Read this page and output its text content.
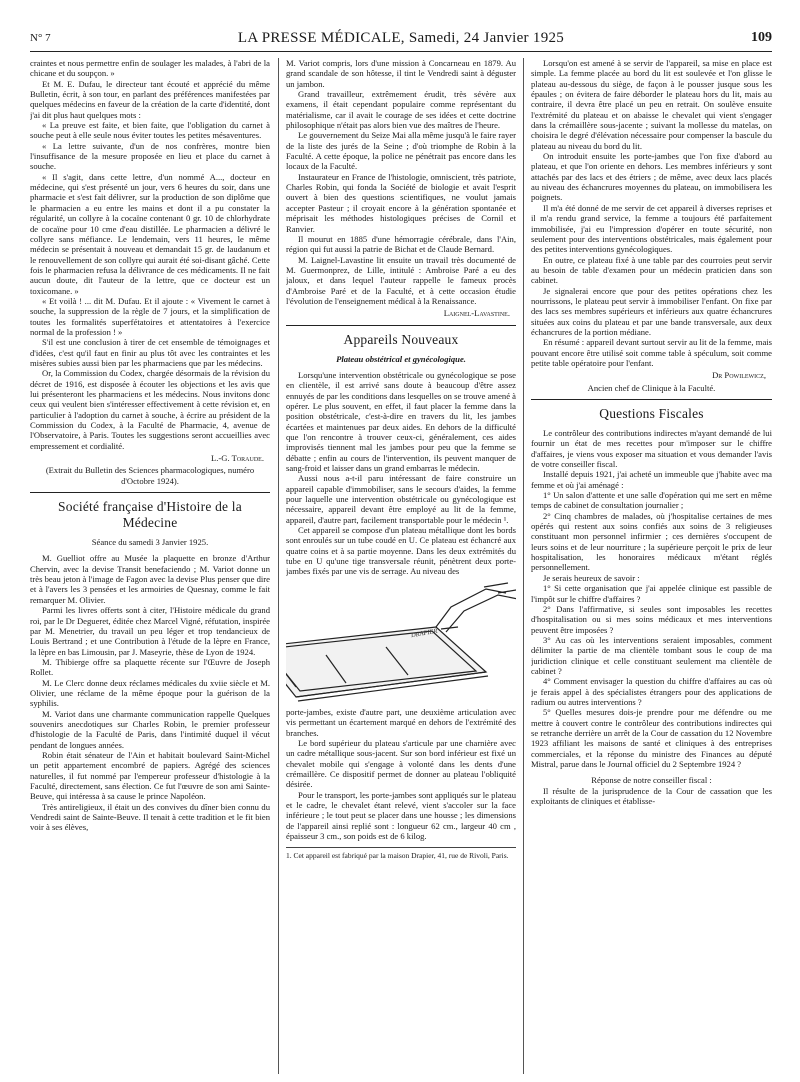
N° 7	LA PRESSE MÉDICALE, Samedi, 24 Janvier 1925	109

craintes et nous permettre enfin de soulager les malades, à l'abri de la chicane et du soupçon. »

Et M. E. Dufau, le directeur tant écouté et apprécié du même Bulletin, écrit, à son tour, en parlant des préférences manifestées par quelques médecins en faveur de la création de la carte d'identité, dont j'ai dit plus haut quelques mots :

« La preuve est faite, et bien faite, que l'obligation du carnet à souche peut à elle seule nous éviter toutes les petites mésaventures.

« La lettre suivante, d'un de nos confrères, montre bien l'insuffisance de la mesure proposée en lieu et place du carnet à souche.

« Il s'agit, dans cette lettre, d'un nommé A..., docteur en médecine, qui s'est présenté un jour, vers 6 heures du soir, dans une pharmacie et s'est fait délivrer, sur la production de son diplôme que le pharmacien a eu entre les mains et dont il a pu constater la régularité, un collyre à la cocaïne contenant 0 gr. 10 de chlorhydrate de cocaïne pour 10 cme d'eau distillée. Le pharmacien a délivré le collyre sans méfiance. Le lendemain, vers 11 heures, le même médecin se présentait à nouveau et demandait 15 gr. de laudanum et le renouvellement de son collyre qui aurait été soi-disant gâché. Cette fois le pharmacien refusa la délivrance de ces médicaments. Il ne fait aucun doute, dit l'auteur de la lettre, que ce docteur est un toxicomane. »

« Et voilà ! ... dit M. Dufau. Et il ajoute : « Vivement le carnet à souche, la suppression de la règle de 7 jours, et la simplification de toutes les formalités superfétatoires et attentatoires à l'exercice normal de la profession ! »

S'il est une conclusion à tirer de cet ensemble de témoignages et d'idées, c'est qu'il faut en finir au plus tôt avec les contraintes et les misères subies aussi bien par les pharmaciens que par les médecins.

Or, la Commission du Codex, chargée désormais de la révision du décret de 1916, est disposée à écouter les objections et les avis que lui présenteront les pharmaciens et les médecins. Nous invitons donc ceux qui veulent bien s'intéresser effectivement à cette révision et, en particulier à l'adoption du carnet à souche, à écrire au président de la Commission du Codex, à la Faculté de Pharmacie, 4, avenue de l'Observatoire, à Paris. Toutes les suggestions seront accueillies avec empressement et cordialité.

L.-G. Toraude.

(Extrait du Bulletin des Sciences pharmacologiques, numéro d'Octobre 1924).

Société française d'Histoire de la Médecine

Séance du samedi 3 Janvier 1925.

M. Guelliot offre au Musée la plaquette en bronze d'Arthur Chervin, avec la devise Transit benefaciendo ; M. Variot donne un très beau jeton à l'image de Fagon avec la devise Plus penser que dire et à l'avers les 3 pensées et les armoiries de Quesnay, comme le fait remarquer M. Olivier.

Parmi les livres offerts sont à citer, l'Histoire médicale du grand roi, par le Dr Degueret, éditée chez Marcel Vigné, réfutation, inspirée par M. Menetrier, du travail un peu léger et trop tendancieux de Louis Bertrand ; et une Contribution à l'étude de la lèpre en France, la lèpre en bas Limousin, par J. Maseyrie, thèse de Lyon de 1924.

M. Thibierge offre sa plaquette récente sur l'Œuvre de Joseph Rollet.

M. Le Clerc donne deux réclames médicales du xviie siècle et M. Olivier, une réclame de la même époque pour la guérison de la syphilis.

M. Variot dans une charmante communication rappelle Quelques souvenirs anecdotiques sur Charles Robin, le premier professeur d'histologie de la Faculté de Paris, dans l'intimité duquel il vécut pendant de longues années.

Robin était sénateur de l'Ain et habitait boulevard Saint-Michel un petit appartement encombré de papiers. Agrégé des sciences naturelles, il fut nommé par l'empereur professeur d'histologie à la Faculté, directement, sans élection. Ce fut l'œuvre de son ami Sainte-Beuve, qui intéressa à sa cause le prince Napoléon.

Très antireligieux, il était un des convives du dîner bien connu du Vendredi saint de Sainte-Beuve. Il tenait à cette tradition et le fit bien voir à ses élèves,

M. Variot compris, lors d'une mission à Concarneau en 1879. Au grand scandale de son hôtesse, il tint le Vendredi saint à déguster un jambon.

Grand travailleur, extrêmement érudit, très sévère aux examens, il était cependant populaire comme représentant du matérialisme, car il avait le courage de ses idées et cette doctrine philosophique n'était pas alors bien vue des maîtres de l'heure.

Le gouvernement du Seize Mai alla même jusqu'à le faire rayer de la liste des jurés de la Seine ; d'où triomphe de Robin à la Faculté. A cette époque, la police ne pénétrait pas encore dans les locaux de la Faculté.

Instaurateur en France de l'histologie, omniscient, très patriote, Charles Robin, qui fonda la Société de biologie et avait l'esprit ouvert à bien des questions scientifiques, ne voulut jamais accepter Pasteur ; il croyait encore à la génération spontanée et méprisait les méthodes histologiques précises de Cornil et Ranvier.

Il mourut en 1885 d'une hémorragie cérébrale, dans l'Ain, région qui fut aussi la patrie de Bichat et de Claude Bernard.

M. Laignel-Lavastine lit ensuite un travail très documenté de M. Guermonprez, de Lille, intitulé : Ambroise Paré a eu des jaloux, et dans lequel l'auteur rappelle le fameux procès d'Ambroise Paré et de la Faculté, et à cette occasion étudie l'évolution de l'enseignement médical à la Renaissance.

Laignel-Lavastine.
Appareils Nouveaux
Plateau obstétrical et gynécologique.

Lorsqu'une intervention obstétricale ou gynécologique se pose en clientèle, il est arrivé sans doute à beaucoup d'être assez ennuyés de par les conditions dans lesquelles on se trouve amené à opérer. Le plus souvent, en effet, il faut placer la femme dans la position obstétricale, c'est-à-dire en travers du lit, les jambes écartées et maintenues par deux aides. En dehors de la difficulté que l'on rencontre à trouver ceux-ci, généralement, ces aides improvisés tiennent mal les jambes pour peu que la femme se débatte ; enfin au cours de l'intervention, ils peuvent manquer de sang-froid et laisser dans un grand embarras le médecin.

Aussi nous a-t-il paru intéressant de faire construire un appareil capable d'immobiliser, sans le secours d'aides, la femme pour laquelle une intervention obstétricale ou gynécologique est nécessaire, appareil devant être employé au lit de la femme, appareil, d'autre part, facilement transportable pour le médecin ¹.

Cet appareil se compose d'un plateau métallique dont les bords sont enroulés sur un tube coudé en U. Ce plateau est échancré aux quatre coins et à sa partie moyenne. Dans les deux extrémités du tube en U qu'une tige transversale réunit, pénètrent deux porte-jambes fixés par une vis de serrage. Au niveau des

DRAPIER

porte-jambes, existe d'autre part, une deuxième articulation avec vis permettant un écartement marqué en dehors de l'extrémité des branches.

Le bord supérieur du plateau s'articule par une charnière avec un cadre métallique sous-jacent. Sur son bord inférieur est fixé un chevalet mobile qui s'engage à volonté dans les dents d'une crémaillère. Ce dispositif permet de donner au plateau l'obliquité désirée.

Pour le transport, les porte-jambes sont appliqués sur le plateau et le cadre, le chevalet étant relevé, vient s'accoler sur la face inférieure ; le tout peut se placer dans une housse ; les dimensions de l'appareil ainsi replié sont : longueur 62 cm., largeur 40 cm , épaisseur 3 cm., son poids est de 6 kilog.

1. Cet appareil est fabriqué par la maison Drapier, 41, rue de Rivoli, Paris.

Lorsqu'on est amené à se servir de l'appareil, sa mise en place est simple. La femme placée au bord du lit est soulevée et l'on glisse le plateau au-dessous du siège, de façon à le pousser jusque sous les épaules ; on évitera de faire déborder le plateau hors du lit, mais au contraire, il devra être placé un peu en retrait. On soulève ensuite l'extrémité du plateau et on abaisse le chevalet qui vient s'engager dans la crémaillère sous-jacente ; suivant la mollesse du matelas, on choisira le degré d'élévation nécessaire pour compenser la bascule du plateau au niveau du bord du lit.

On introduit ensuite les porte-jambes que l'on fixe d'abord au plateau, et que l'on oriente en dehors. Les membres inférieurs y sont attachés par des lacs et des étriers ; de même, avec deux lacs placés au niveau des échancrures moyennes du plateau, on immobilisera les poignets.

Il m'a été donné de me servir de cet appareil à diverses reprises et il m'a rendu grand service, la femme a toujours été parfaitement immobilisée, j'ai eu l'impression d'opérer en toute sécurité, non seulement pour des interventions obstétricales, mais également pour des petites interventions gynécologiques.

En outre, ce plateau fixé à une table par des courroies peut servir au besoin de table d'examen pour un médecin praticien dans son cabinet.

Je signalerai encore que pour des petites opérations chez les nourrissons, le plateau peut servir à immobiliser l'enfant. On fixe par des lacs ses membres supérieurs et inférieurs aux quatre échancrures situées aux coins du plateau et par une bande transversale, aux deux échancrures de la portion médiane.

En résumé : appareil devant surtout servir au lit de la femme, mais pouvant encore être utilisé soit comme table à spéculum, soit comme petite table opératoire pour l'enfant.

Dr Powilewicz,

Ancien chef de Clinique à la Faculté.

Questions Fiscales

Le contrôleur des contributions indirectes m'ayant demandé de lui fournir un état de mes recettes pour m'imposer sur le chiffre d'affaires, je viens vous exposer ma situation et vous demander l'avis de votre conseiller fiscal.

Installé depuis 1921, j'ai acheté un immeuble que j'habite avec ma femme et où j'ai aménagé :

1° Un salon d'attente et une salle d'opération qui me sert en même temps de cabinet de consultation journalier ;

2° Cinq chambres de malades, où j'hospitalise certaines de mes opérés qui restent aux soins confiés aux soins de 3 religieuses constituant mon personnel infirmier ; ces dernières s'occupent de leurs soins et de leur nourriture ; la supérieure perçoit le prix de leur hospitalisation, les honoraires médicaux m'étant réglés personnellement.

Je serais heureux de savoir :

1° Si cette organisation que j'ai appelée clinique est passible de l'impôt sur le chiffre d'affaires ?

2° Dans l'affirmative, si seules sont imposables les recettes d'hospitalisation ou si mes soins médicaux et mes interventions peuvent être imposées ?

3° Au cas où les interventions seraient imposables, comment délimiter la partie de ma clientèle tombant sous le coup de ma juridiction clinique et celle constituant seulement ma clientèle de cabinet ?

4° Comment envisager la question du chiffre d'affaires au cas où je ferais appel à des spécialistes étrangers pour des applications de radium ou autres interventions ?

5° Quelles mesures dois-je prendre pour me défendre ou me mettre à couvert contre le contrôleur des contributions indirectes qui se retranche derrière un arrêt de la Cour de cassation du 12 Novembre 1923 affiliant les maisons de santé et cliniques à des entreprises commerciales, et la réponse du ministre des Finances au député Mistral, parue dans le Journal officiel du 2 Septembre 1924 ?

Réponse de notre conseiller fiscal :

Il résulte de la jurisprudence de la Cour de cassation que les exploitants de cliniques et établisse-
